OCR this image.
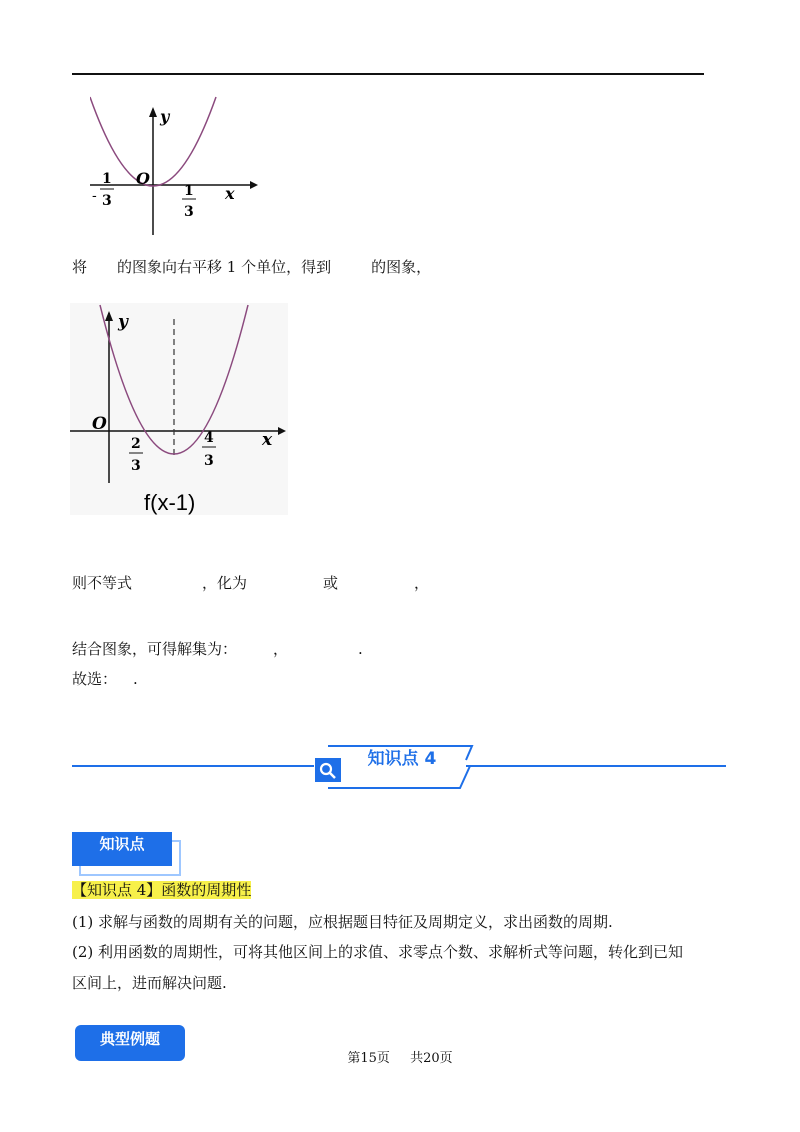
y
x
O
1
- 3
1
3
将 的图象向右平移 1 个单位，得到	的图象，
y
x
O
2
3
4
3
f(x-1)
则不等式	，化为	或	，
结合图象，可得解集为： ，	.
故选： .
知识点 4
知识点
【知识点 4】函数的周期性
(1) 求解与函数的周期有关的问题，应根据题目特征及周期定义，求出函数的周期.
(2) 利用函数的周期性，可将其他区间上的求值、求零点个数、求解析式等问题，转化到已知
区间上，进而解决问题.
典型例题
第15页 共20页
